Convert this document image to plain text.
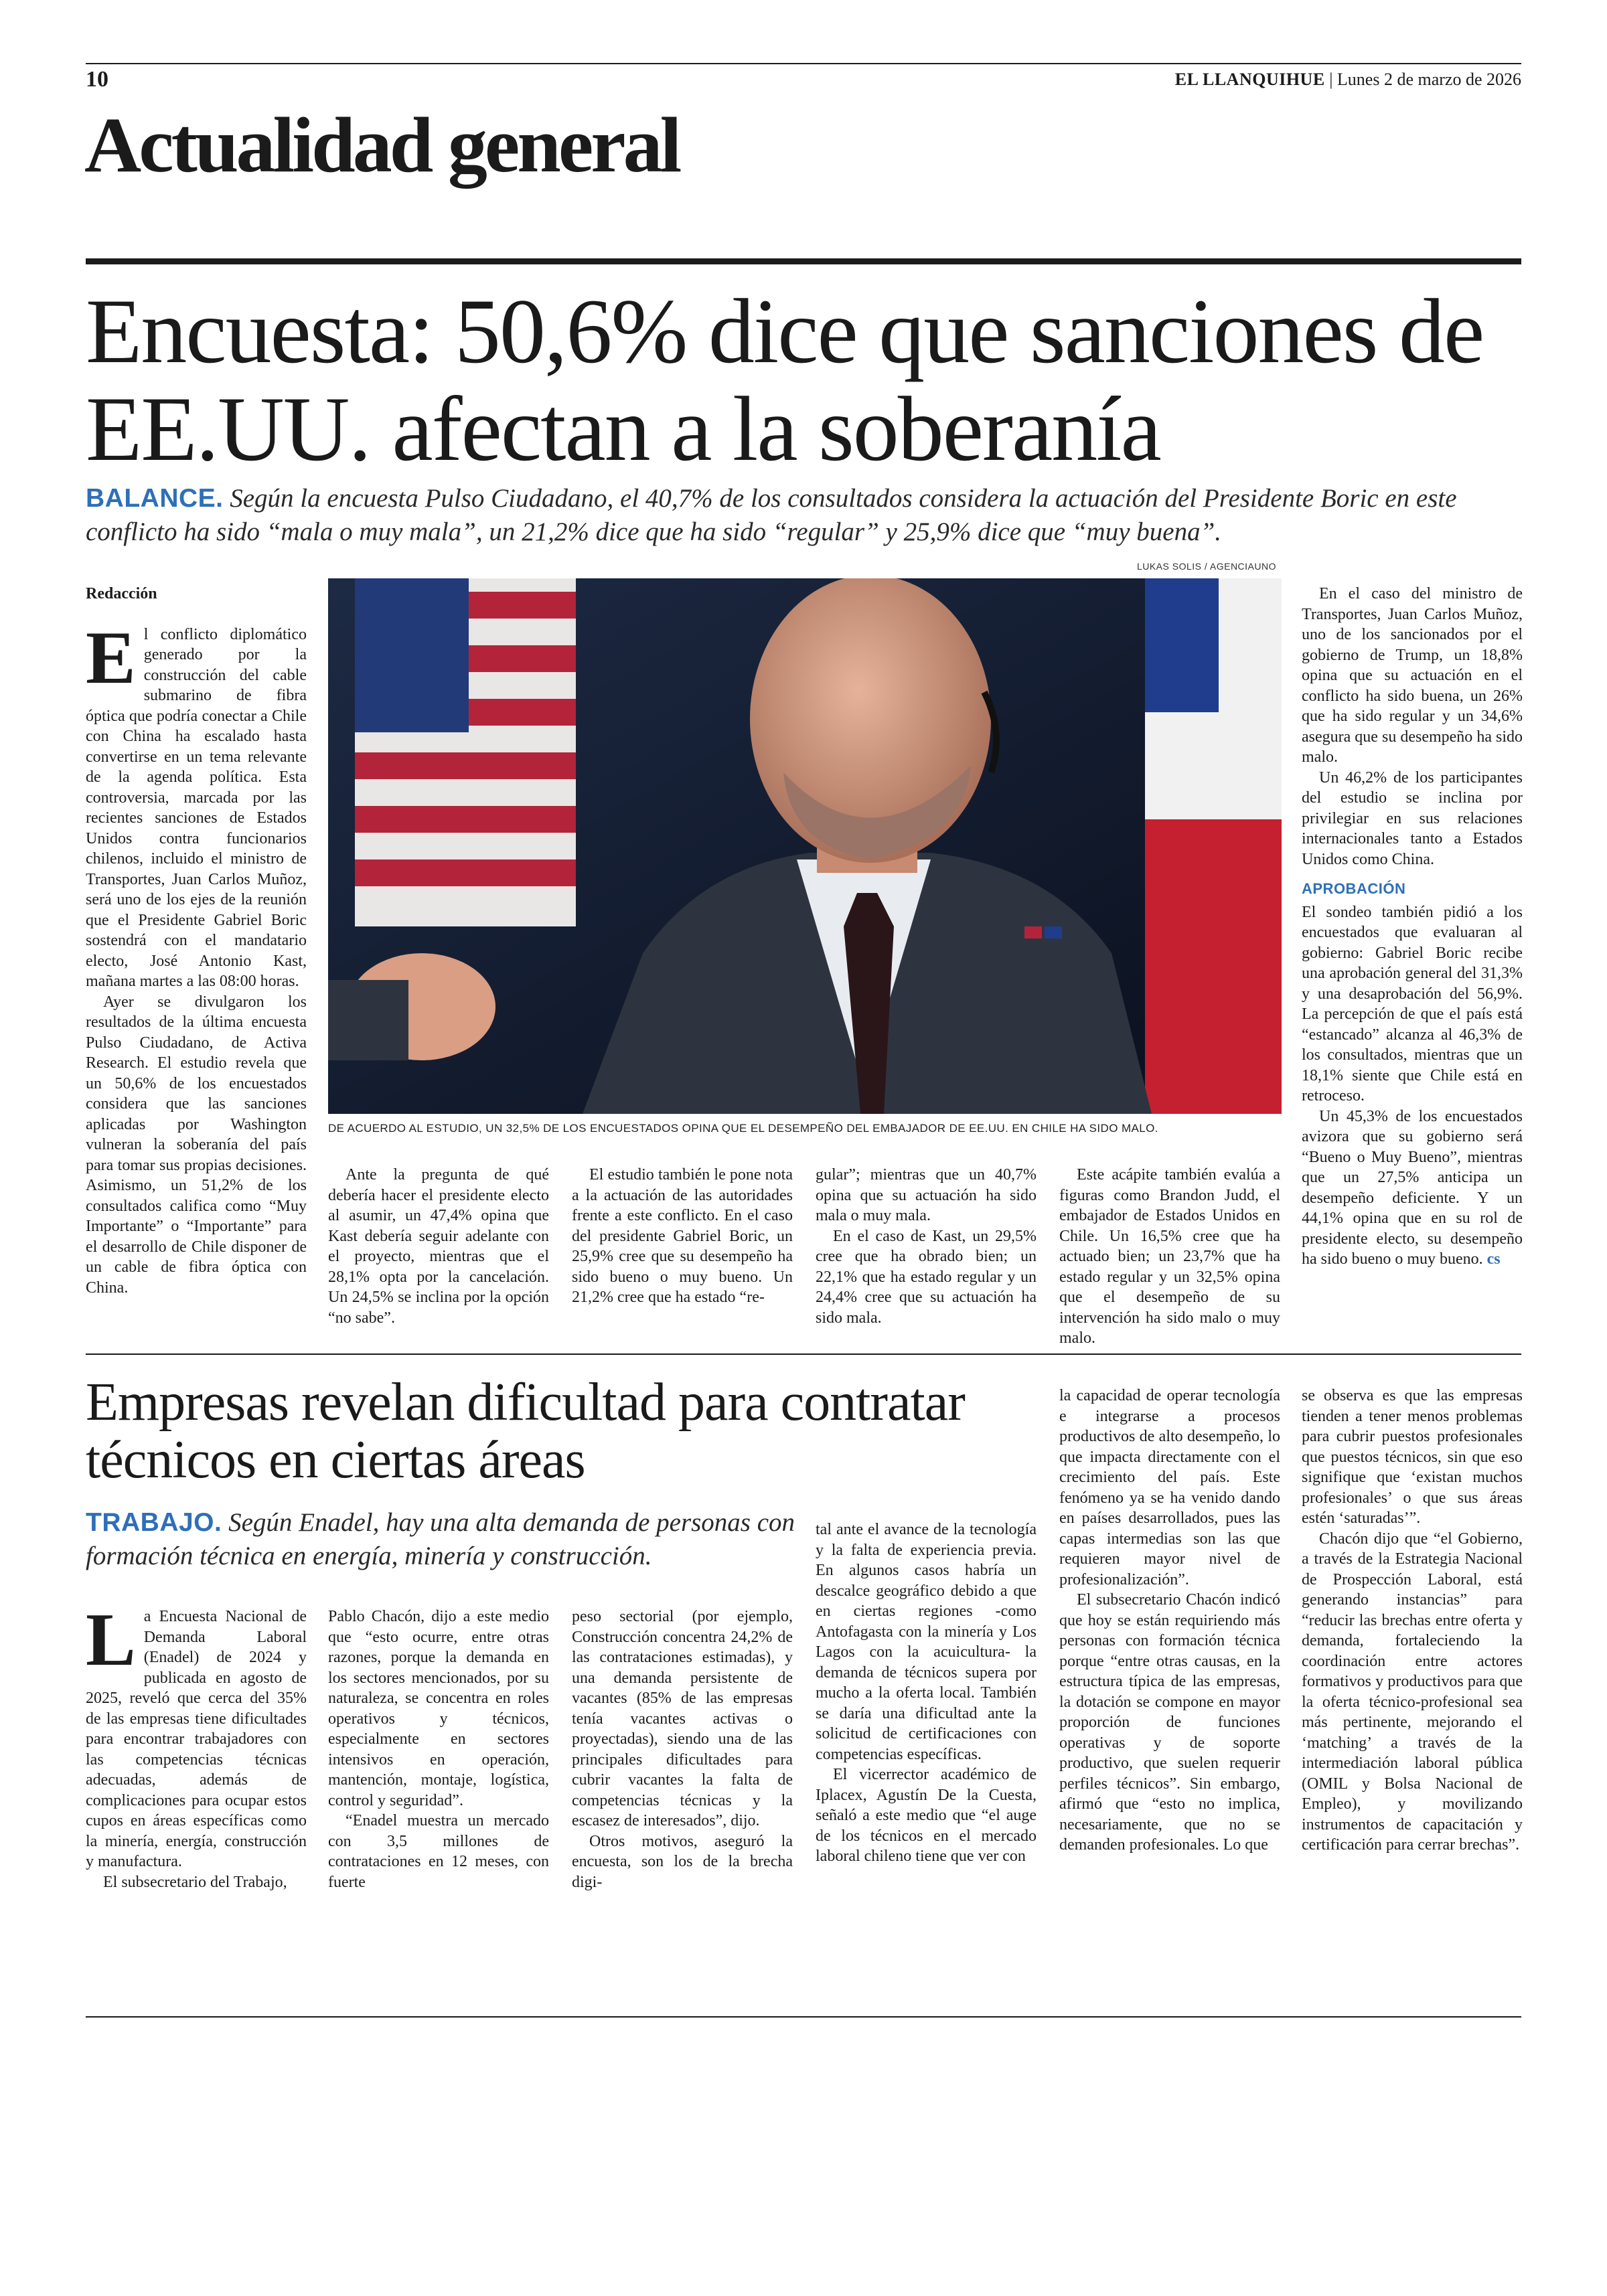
10	EL LLANQUIHUE | Lunes 2 de marzo de 2026
Actualidad general
Encuesta: 50,6% dice que sanciones de EE.UU. afectan a la soberanía
BALANCE. Según la encuesta Pulso Ciudadano, el 40,7% de los consultados considera la actuación del Presidente Boric en este conflicto ha sido “mala o muy mala”, un 21,2% dice que ha sido “regular” y 25,9% dice que “muy buena”.
LUKAS SOLIS / AGENCIAUNO
DE ACUERDO AL ESTUDIO, UN 32,5% DE LOS ENCUESTADOS OPINA QUE EL DESEMPEÑO DEL EMBAJADOR DE EE.UU. EN CHILE HA SIDO MALO.

Redacción

El conflicto diplomático generado por la construcción del cable submarino de fibra óptica que podría conectar a Chile con China ha escalado hasta convertirse en un tema relevante de la agenda política. Esta controversia, marcada por las recientes sanciones de Estados Unidos contra funcionarios chilenos, incluido el ministro de Transportes, Juan Carlos Muñoz, será uno de los ejes de la reunión que el Presidente Gabriel Boric sostendrá con el mandatario electo, José Antonio Kast, mañana martes a las 08:00 horas.

Ayer se divulgaron los resultados de la última encuesta Pulso Ciudadano, de Activa Research. El estudio revela que un 50,6% de los encuestados considera que las sanciones aplicadas por Washington vulneran la soberanía del país para tomar sus propias decisiones. Asimismo, un 51,2% de los consultados califica como “Muy Importante” o “Importante” para el desarrollo de Chile disponer de un cable de fibra óptica con China.

Ante la pregunta de qué debería hacer el presidente electo al asumir, un 47,4% opina que Kast debería seguir adelante con el proyecto, mientras que el 28,1% opta por la cancelación. Un 24,5% se inclina por la opción “no sabe”.

El estudio también le pone nota a la actuación de las autoridades frente a este conflicto. En el caso del presidente Gabriel Boric, un 25,9% cree que su desempeño ha sido bueno o muy bueno. Un 21,2% cree que ha estado “re-

gular”; mientras que un 40,7% opina que su actuación ha sido mala o muy mala.

En el caso de Kast, un 29,5% cree que ha obrado bien; un 22,1% que ha estado regular y un 24,4% cree que su actuación ha sido mala.

Este acápite también evalúa a figuras como Brandon Judd, el embajador de Estados Unidos en Chile. Un 16,5% cree que ha actuado bien; un 23,7% que ha estado regular y un 32,5% opina que el desempeño de su intervención ha sido malo o muy malo.

En el caso del ministro de Transportes, Juan Carlos Muñoz, uno de los sancionados por el gobierno de Trump, un 18,8% opina que su actuación en el conflicto ha sido buena, un 26% que ha sido regular y un 34,6% asegura que su desempeño ha sido malo.

Un 46,2% de los participantes del estudio se inclina por privilegiar en sus relaciones internacionales tanto a Estados Unidos como China.

APROBACIÓN

El sondeo también pidió a los encuestados que evaluaran al gobierno: Gabriel Boric recibe una aprobación general del 31,3% y una desaprobación del 56,9%. La percepción de que el país está “estancado” alcanza al 46,3% de los consultados, mientras que un 18,1% siente que Chile está en retroceso.

Un 45,3% de los encuestados avizora que su gobierno será “Bueno o Muy Bueno”, mientras que un 27,5% anticipa un desempeño deficiente. Y un 44,1% opina que en su rol de presidente electo, su desempeño ha sido bueno o muy bueno. cs

Empresas revelan dificultad para contratar técnicos en ciertas áreas
TRABAJO. Según Enadel, hay una alta demanda de personas con formación técnica en energía, minería y construcción.

La Encuesta Nacional de Demanda Laboral (Enadel) de 2024 y publicada en agosto de 2025, reveló que cerca del 35% de las empresas tiene dificultades para encontrar trabajadores con las competencias técnicas adecuadas, además de complicaciones para ocupar estos cupos en áreas específicas como la minería, energía, construcción y manufactura.

El subsecretario del Trabajo,

Pablo Chacón, dijo a este medio que “esto ocurre, entre otras razones, porque la demanda en los sectores mencionados, por su naturaleza, se concentra en roles operativos y técnicos, especialmente en sectores intensivos en operación, mantención, montaje, logística, control y seguridad”.

“Enadel muestra un mercado con 3,5 millones de contrataciones en 12 meses, con fuerte

peso sectorial (por ejemplo, Construcción concentra 24,2% de las contrataciones estimadas), y una demanda persistente de vacantes (85% de las empresas tenía vacantes activas o proyectadas), siendo una de las principales dificultades para cubrir vacantes la falta de competencias técnicas y la escasez de interesados”, dijo.

Otros motivos, aseguró la encuesta, son los de la brecha digi-

tal ante el avance de la tecnología y la falta de experiencia previa. En algunos casos habría un descalce geográfico debido a que en ciertas regiones -como Antofagasta con la minería y Los Lagos con la acuicultura- la demanda de técnicos supera por mucho a la oferta local. También se daría una dificultad ante la solicitud de certificaciones con competencias específicas.

El vicerrector académico de Iplacex, Agustín De la Cuesta, señaló a este medio que “el auge de los técnicos en el mercado laboral chileno tiene que ver con

la capacidad de operar tecnología e integrarse a procesos productivos de alto desempeño, lo que impacta directamente con el crecimiento del país. Este fenómeno ya se ha venido dando en países desarrollados, pues las capas intermedias son las que requieren mayor nivel de profesionalización”.

El subsecretario Chacón indicó que hoy se están requiriendo más personas con formación técnica porque “entre otras causas, en la estructura típica de las empresas, la dotación se compone en mayor proporción de funciones operativas y de soporte productivo, que suelen requerir perfiles técnicos”. Sin embargo, afirmó que “esto no implica, necesariamente, que no se demanden profesionales. Lo que

se observa es que las empresas tienden a tener menos problemas para cubrir puestos profesionales que puestos técnicos, sin que eso signifique que ‘existan muchos profesionales’ o que sus áreas estén ‘saturadas’”.

Chacón dijo que “el Gobierno, a través de la Estrategia Nacional de Prospección Laboral, está generando instancias” para “reducir las brechas entre oferta y demanda, fortaleciendo la coordinación entre actores formativos y productivos para que la oferta técnico-profesional sea más pertinente, mejorando el ‘matching’ a través de la intermediación laboral pública (OMIL y Bolsa Nacional de Empleo), y movilizando instrumentos de capacitación y certificación para cerrar brechas”.
